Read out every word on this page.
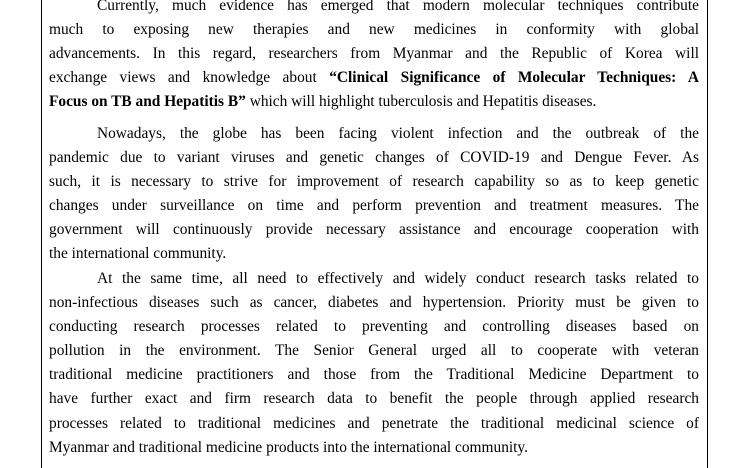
Currently, much evidence has emerged that modern molecular techniques contribute
much to exposing new therapies and new medicines in conformity with global
advancements. In this regard, researchers from Myanmar and the Republic of Korea will
exchange views and knowledge about “Clinical Significance of Molecular Techniques: A
Focus on TB and Hepatitis B” which will highlight tuberculosis and Hepatitis diseases.
Nowadays, the globe has been facing violent infection and the outbreak of the
pandemic due to variant viruses and genetic changes of COVID-19 and Dengue Fever. As
such, it is necessary to strive for improvement of research capability so as to keep genetic
changes under surveillance on time and perform prevention and treatment measures. The
government will continuously provide necessary assistance and encourage cooperation with
the international community.
At the same time, all need to effectively and widely conduct research tasks related to
non-infectious diseases such as cancer, diabetes and hypertension. Priority must be given to
conducting research processes related to preventing and controlling diseases based on
pollution in the environment. The Senior General urged all to cooperate with veteran
traditional medicine practitioners and those from the Traditional Medicine Department to
have further exact and firm research data to benefit the people through applied research
processes related to traditional medicines and penetrate the traditional medicinal science of
Myanmar and traditional medicine products into the international community.
